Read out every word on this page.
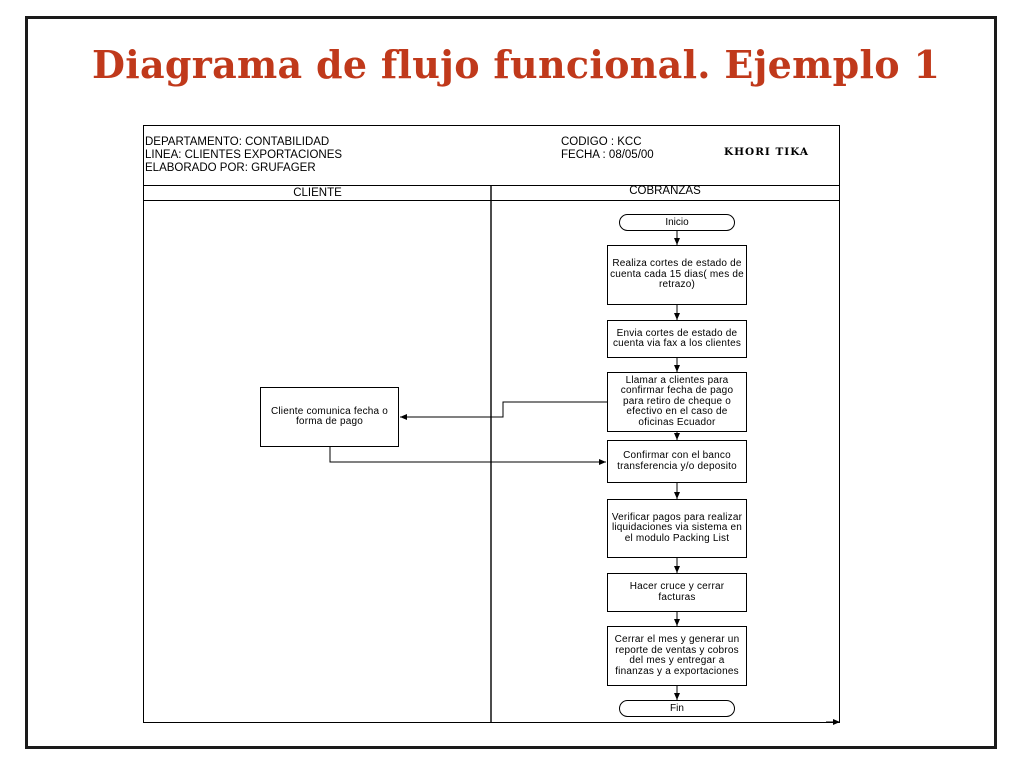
Diagrama de flujo funcional. Ejemplo 1
DEPARTAMENTO: CONTABILIDAD
LINEA: CLIENTES EXPORTACIONES
ELABORADO POR: GRUFAGER
CODIGO : KCC
FECHA : 08/05/00	KHORI TIKA
CLIENTE	COBRANZAS
Inicio
Realiza cortes de estado de cuenta cada 15 dias( mes de retrazo)
Envia cortes de estado de cuenta via fax a los clientes
Llamar a clientes para confirmar fecha de pago para retiro de cheque o efectivo en el caso de oficinas Ecuador
Cliente comunica fecha o forma de pago
Confirmar con el banco transferencia y/o deposito
Verificar pagos para realizar liquidaciones via sistema en el modulo Packing List
Hacer cruce y cerrar facturas
Cerrar el mes y generar un reporte de ventas y cobros del mes y entregar a finanzas y a exportaciones
Fin
